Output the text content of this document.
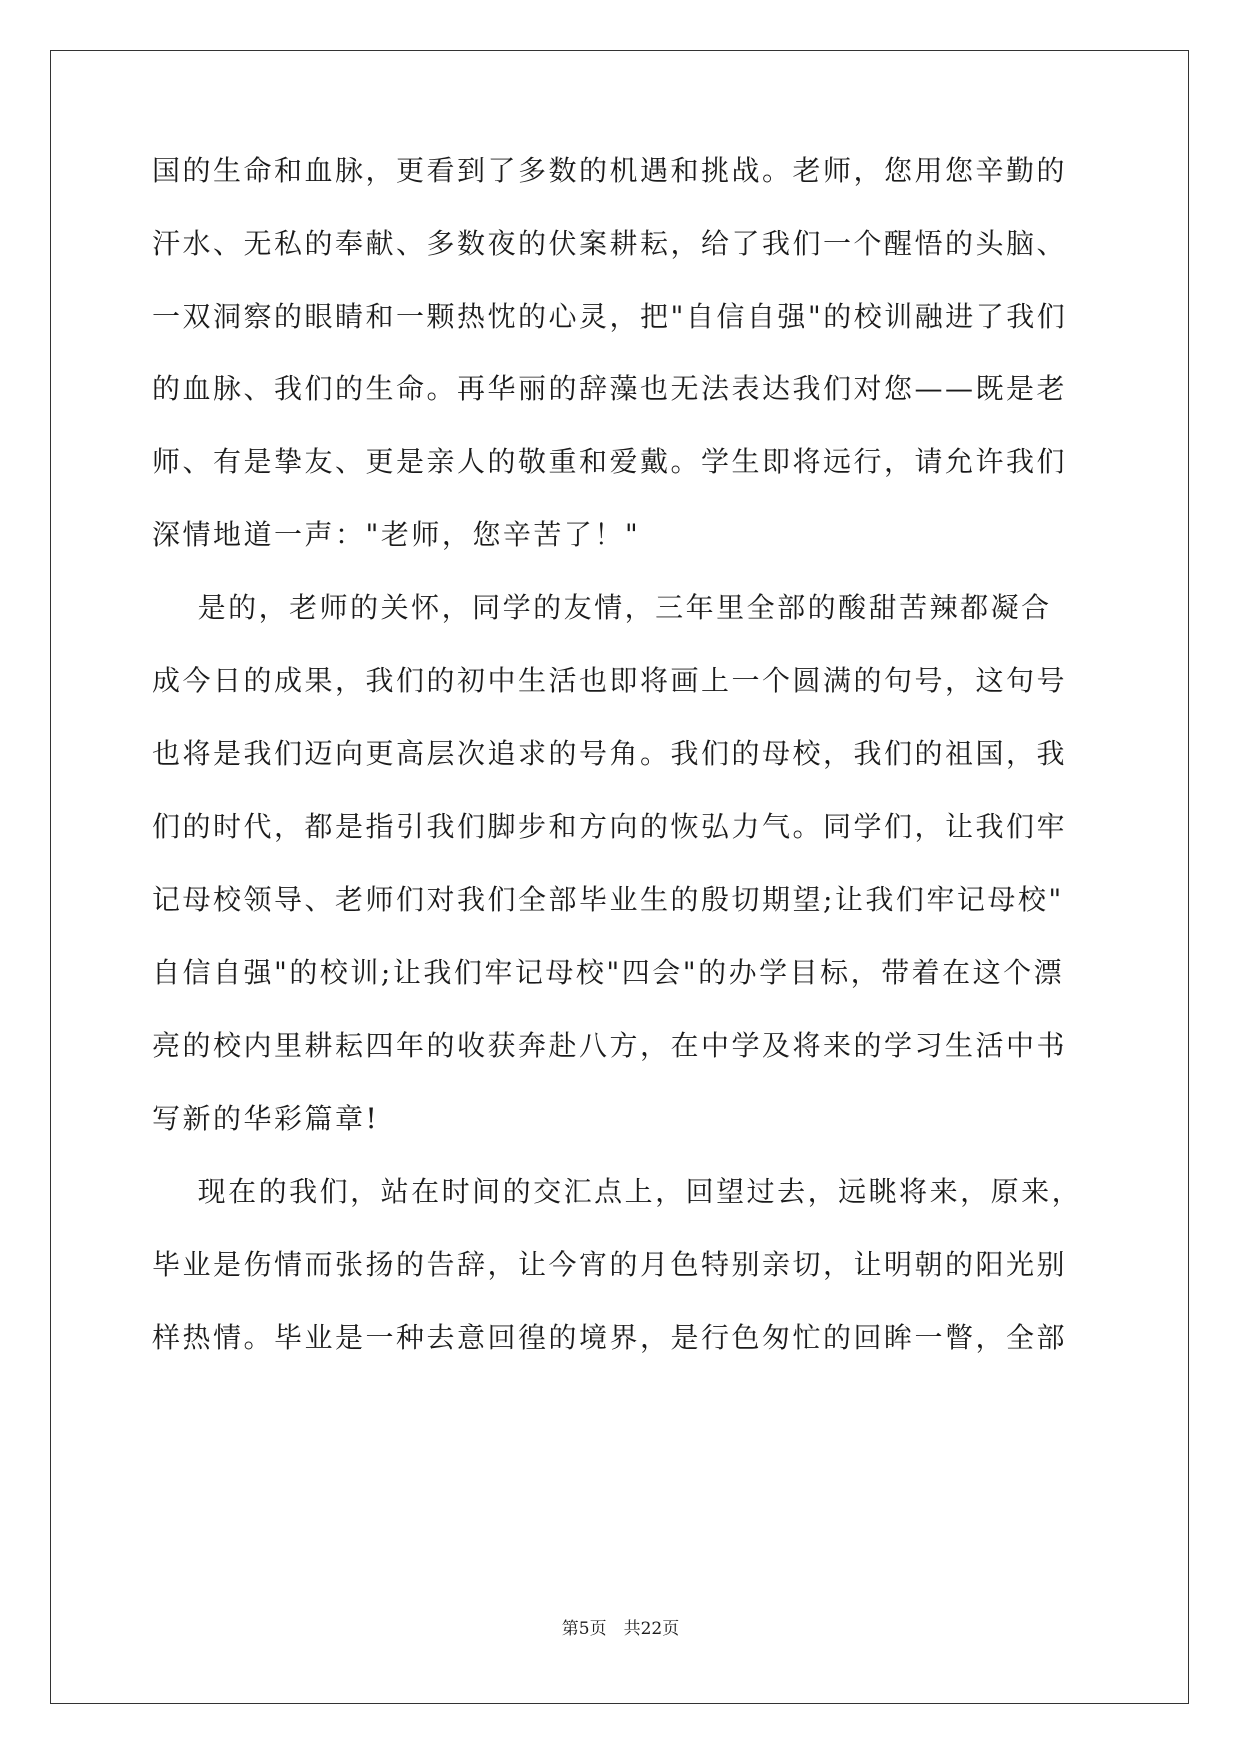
国的生命和血脉，更看到了多数的机遇和挑战。老师，您用您辛勤的
汗水、无私的奉献、多数夜的伏案耕耘，给了我们一个醒悟的头脑、
一双洞察的眼睛和一颗热忱的心灵，把"自信自强"的校训融进了我们
的血脉、我们的生命。再华丽的辞藻也无法表达我们对您——既是老
师、有是挚友、更是亲人的敬重和爱戴。学生即将远行，请允许我们
深情地道一声："老师，您辛苦了！"
是的，老师的关怀，同学的友情，三年里全部的酸甜苦辣都凝合
成今日的成果，我们的初中生活也即将画上一个圆满的句号，这句号
也将是我们迈向更高层次追求的号角。我们的母校，我们的祖国，我
们的时代，都是指引我们脚步和方向的恢弘力气。同学们，让我们牢
记母校领导、老师们对我们全部毕业生的殷切期望;让我们牢记母校"
自信自强"的校训;让我们牢记母校"四会"的办学目标，带着在这个漂
亮的校内里耕耘四年的收获奔赴八方，在中学及将来的学习生活中书
写新的华彩篇章!
现在的我们，站在时间的交汇点上，回望过去，远眺将来，原来，
毕业是伤情而张扬的告辞，让今宵的月色特别亲切，让明朝的阳光别
样热情。毕业是一种去意回徨的境界，是行色匆忙的回眸一瞥，全部
第5页　共22页
